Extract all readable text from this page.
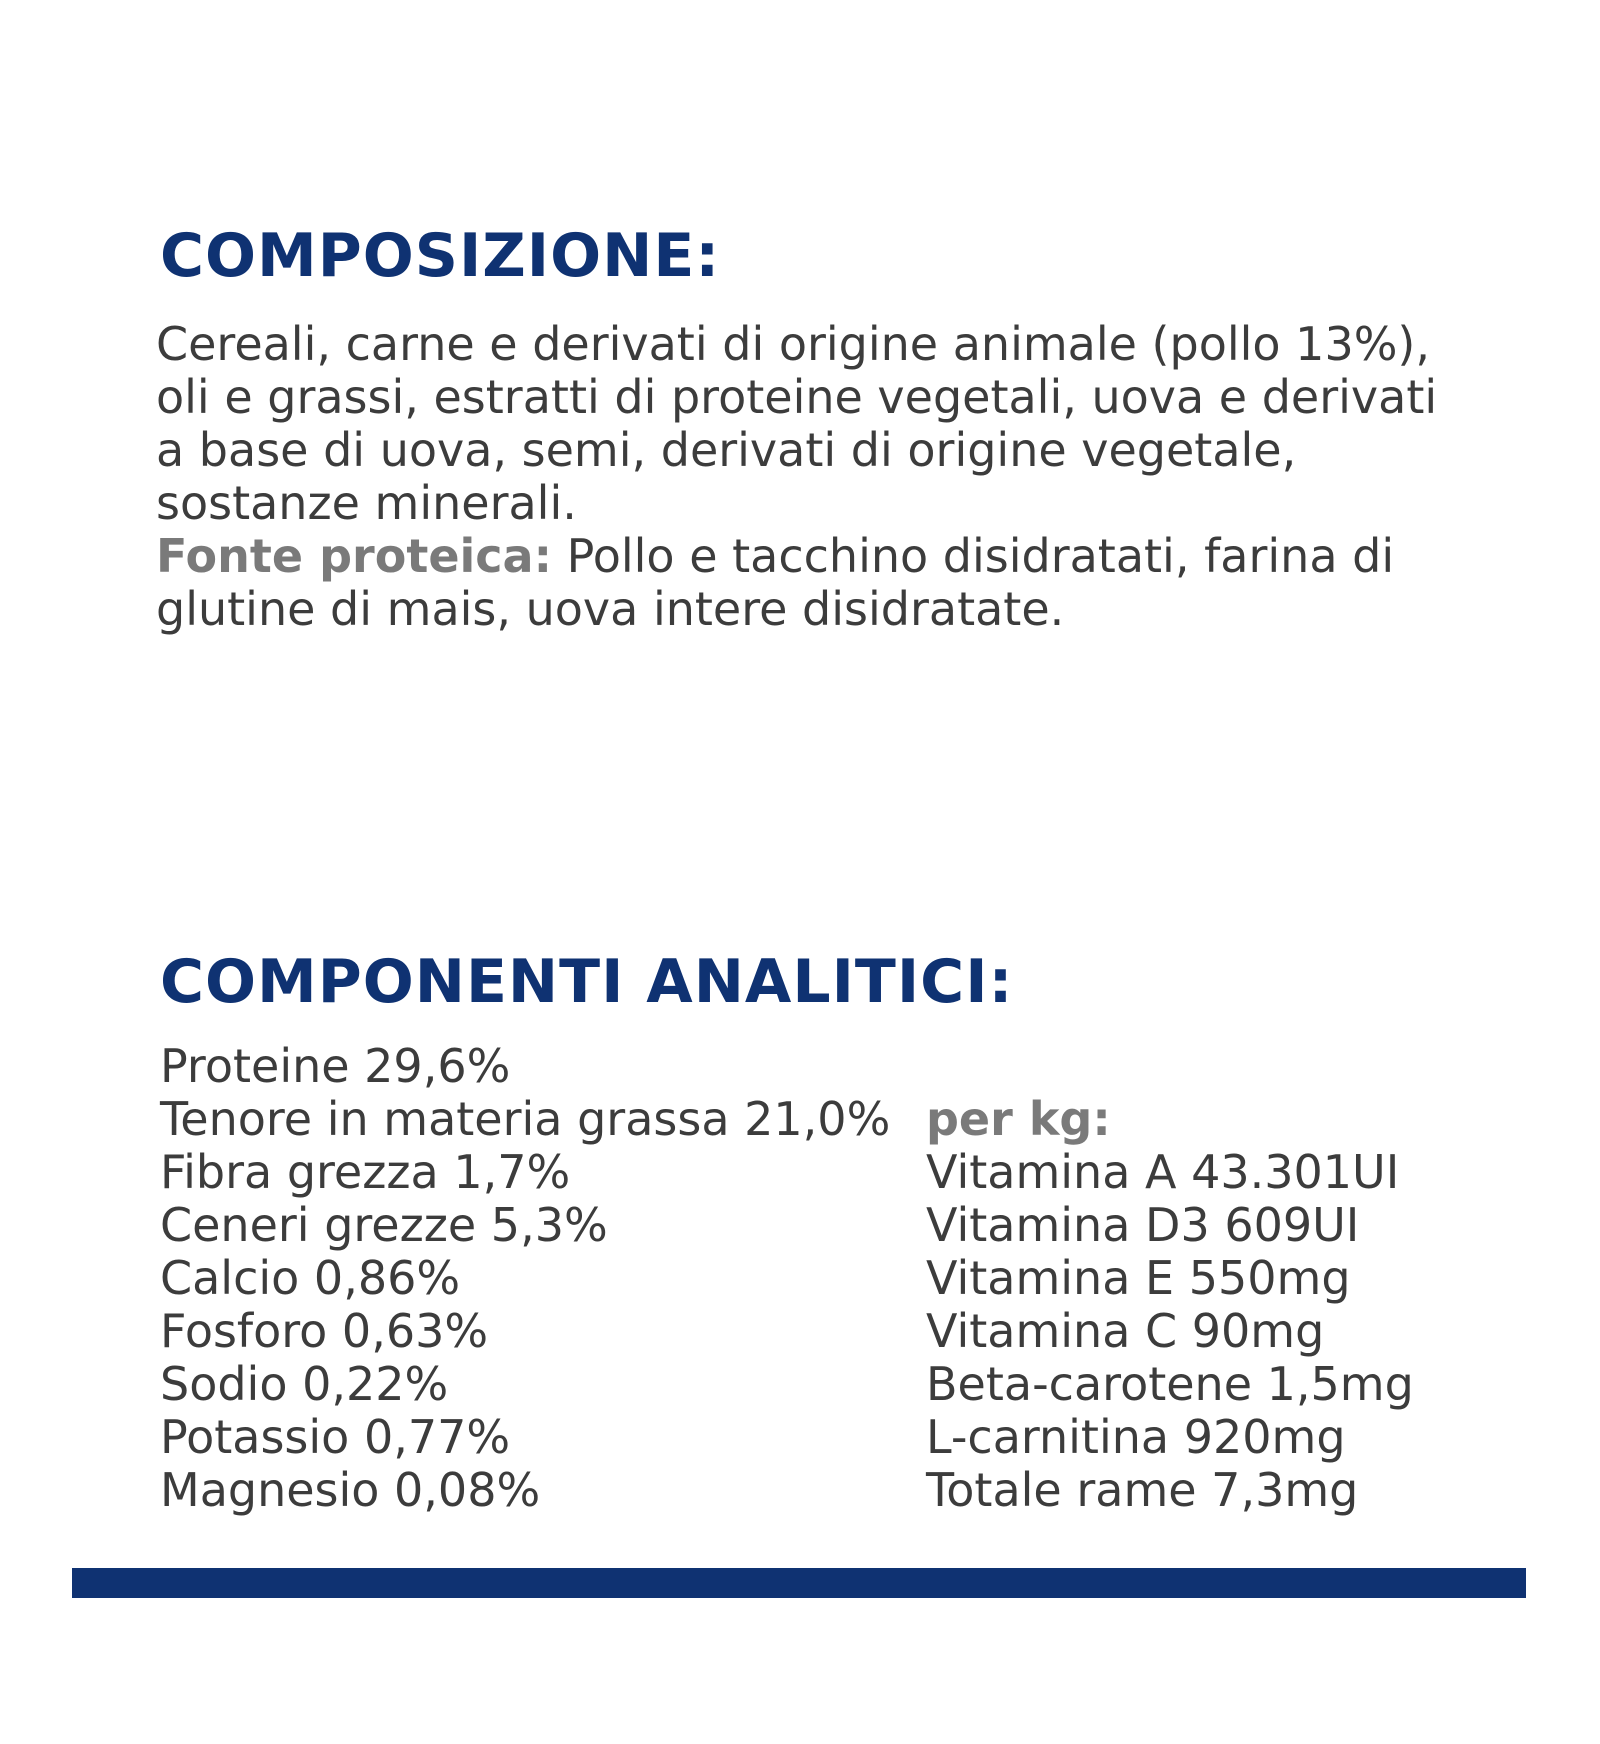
COMPOSIZIONE:

Cereali, carne e derivati di origine animale (pollo 13%), oli e grassi, estratti di proteine vegetali, uova e derivati a base di uova, semi, derivati di origine vegetale, sostanze minerali.

Fonte proteica: Pollo e tacchino disidratati, farina di glutine di mais, uova intere disidratate.

COMPONENTI ANALITICI:
Proteine 29,6%
Tenore in materia grassa 21,0%
Fibra grezza 1,7%
Ceneri grezze 5,3%
Calcio 0,86%
Fosforo 0,63%
Sodio 0,22%
Potassio 0,77%
Magnesio 0,08%
per kg:
Vitamina A 43.301UI
Vitamina D3 609UI
Vitamina E 550mg
Vitamina C 90mg
Beta-carotene 1,5mg
L-carnitina 920mg
Totale rame 7,3mg
